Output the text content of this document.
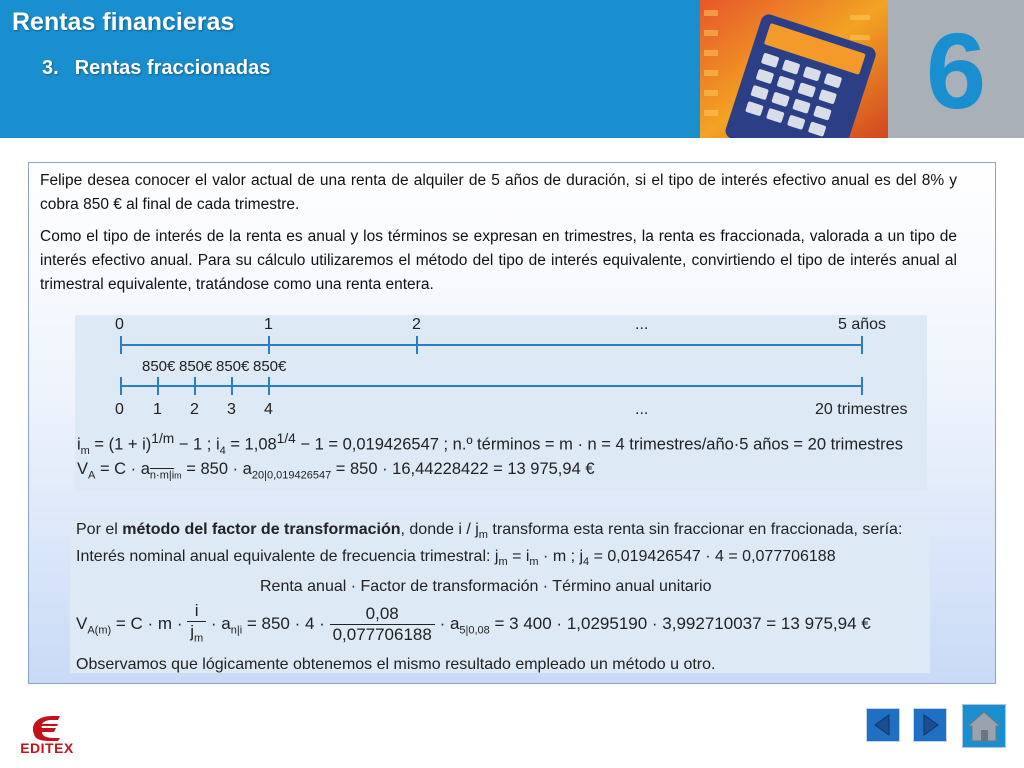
Rentas financieras
3. Rentas fraccionadas	6
Felipe desea conocer el valor actual de una renta de alquiler de 5 años de duración, si el tipo de interés efectivo anual es del 8% y cobra 850 € al final de cada trimestre.
Como el tipo de interés de la renta es anual y los términos se expresan en trimestres, la renta es fraccionada, valorada a un tipo de interés efectivo anual. Para su cálculo utilizaremos el método del tipo de interés equivalente, convirtiendo el tipo de interés anual al trimestral equivalente, tratándose como una renta entera.
0	1	2	...	5 años
850€ 850€ 850€ 850€
0 1 2 3 4	...	20 trimestres
$i_m = (1 + i)^{1/m} - 1$ ; $i_4 = 1,08^{1/4} - 1 = 0,019426547$ ; n.º términos = m · n = 4 trimestres/año·5 años = 20 trimestres
$V_A = C \cdot a_{n\cdot m|im} = 850 \cdot a_{20|0,019426547} = 850 \cdot 16,44228422 = 13$ 975,94 €
Por el método del factor de transformación, donde i / $j_m$ transforma esta renta sin fraccionar en fraccionada, sería:
Interés nominal anual equivalente de frecuencia trimestral: $j_m = i_m \cdot m$ ; $j_4 = 0,019426547 \cdot 4 = 0,077706188$
Renta anual · Factor de transformación · Término anual unitario
$V_{A(m)} = C \cdot m \cdot \frac{i}{j_m} \cdot a_{n|i} = 850 \cdot 4 \cdot \frac{0,08}{0,077706188} \cdot a_{5|0,08} = 3$ 400 · 1,0295190 · 3,992710037 = 13 975,94 €
Observamos que lógicamente obtenemos el mismo resultado empleado un método u otro.
EDITEX
